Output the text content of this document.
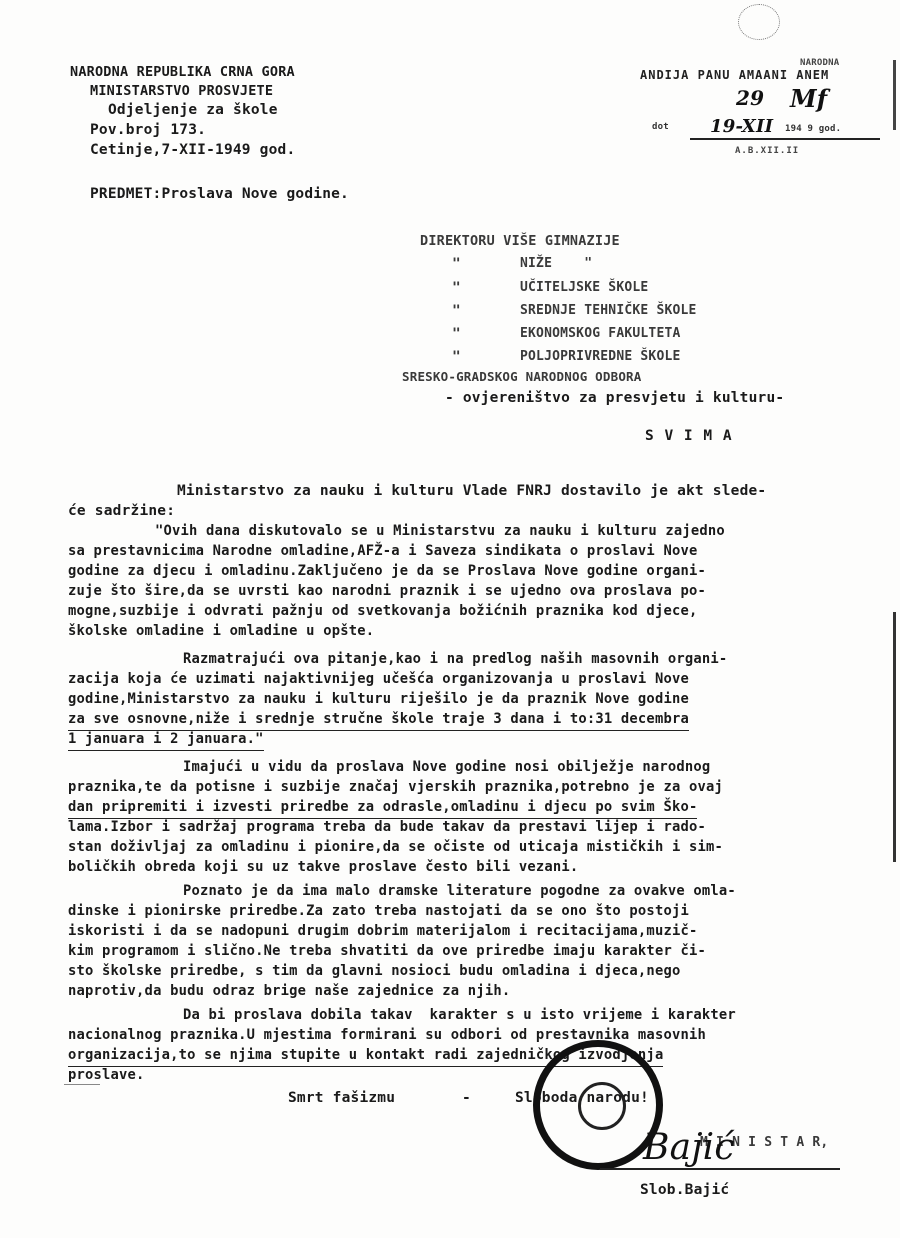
NARODNA REPUBLIKA CRNA GORA
MINISTARSTVO PROSVJETE
Odjeljenje za škole
Pov.broj 173.
Cetinje,7-XII-1949 god.
PREDMET:Proslava Nove godine.
NARODNA
ANDIJA PANU AMAANI ANEM
29 Mf
dot 19-XII 194 9 god.
A.B.XII.II
DIREKTORU VIŠE GIMNAZIJE
"	NIŽE    "
"	UČITELJSKE ŠKOLE
"	SREDNJE TEHNIČKE ŠKOLE
"	EKONOMSKOG FAKULTETA
"	POLJOPRIVREDNE ŠKOLE
SRESKO-GRADSKOG NARODNOG ODBORA
- ovjereništvo za presvjetu i kulturu-
S V I M A
Ministarstvo za nauku i kulturu Vlade FNRJ dostavilo je akt slede-
će sadržine:
"Ovih dana diskutovalo se u Ministarstvu za nauku i kulturu zajedno
sa prestavnicima Narodne omladine,AFŽ-a i Saveza sindikata o proslavi Nove
godine za djecu i omladinu.Zaključeno je da se Proslava Nove godine organi-
zuje što šire,da se uvrsti kao narodni praznik i se ujedno ova proslava po-
mogne,suzbije i odvrati pažnju od svetkovanja božićnih praznika kod djece,
školske omladine i omladine u opšte.
Razmatrajući ova pitanje,kao i na predlog naših masovnih organi-
zacija koja će uzimati najaktivnijeg učešća organizovanja u proslavi Nove
godine,Ministarstvo za nauku i kulturu riješilo je da praznik Nove godine
za sve osnovne,niže i srednje stručne škole traje 3 dana i to:31 decembra
1 januara i 2 januara."
Imajući u vidu da proslava Nove godine nosi obilježje narodnog
praznika,te da potisne i suzbije značaj vjerskih praznika,potrebno je za ovaj
dan pripremiti i izvesti priredbe za odrasle,omladinu i djecu po svim Ško-
lama.Izbor i sadržaj programa treba da bude takav da prestavi lijep i rado-
stan doživljaj za omladinu i pionire,da se očiste od uticaja mističkih i sim-
boličkih obreda koji su uz takve proslave često bili vezani.
Poznato je da ima malo dramske literature pogodne za ovakve omla-
dinske i pionirske priredbe.Za zato treba nastojati da se ono što postoji
iskoristi i da se nadopuni drugim dobrim materijalom i recitacijama,muzič-
kim programom i slično.Ne treba shvatiti da ove priredbe imaju karakter či-
sto školske priredbe, s tim da glavni nosioci budu omladina i djeca,nego
naprotiv,da budu odraz brige naše zajednice za njih.
Da bi proslava dobila takav  karakter s u isto vrijeme i karakter
nacionalnog praznika.U mjestima formirani su odbori od prestavnika masovnih
organizacija,to se njima stupite u kontakt radi zajedničkog izvodjenja
proslave.
Smrt fašizmu	-	Sloboda narodu!
M I N I S T A R,
Bajić
Slob.Bajić
